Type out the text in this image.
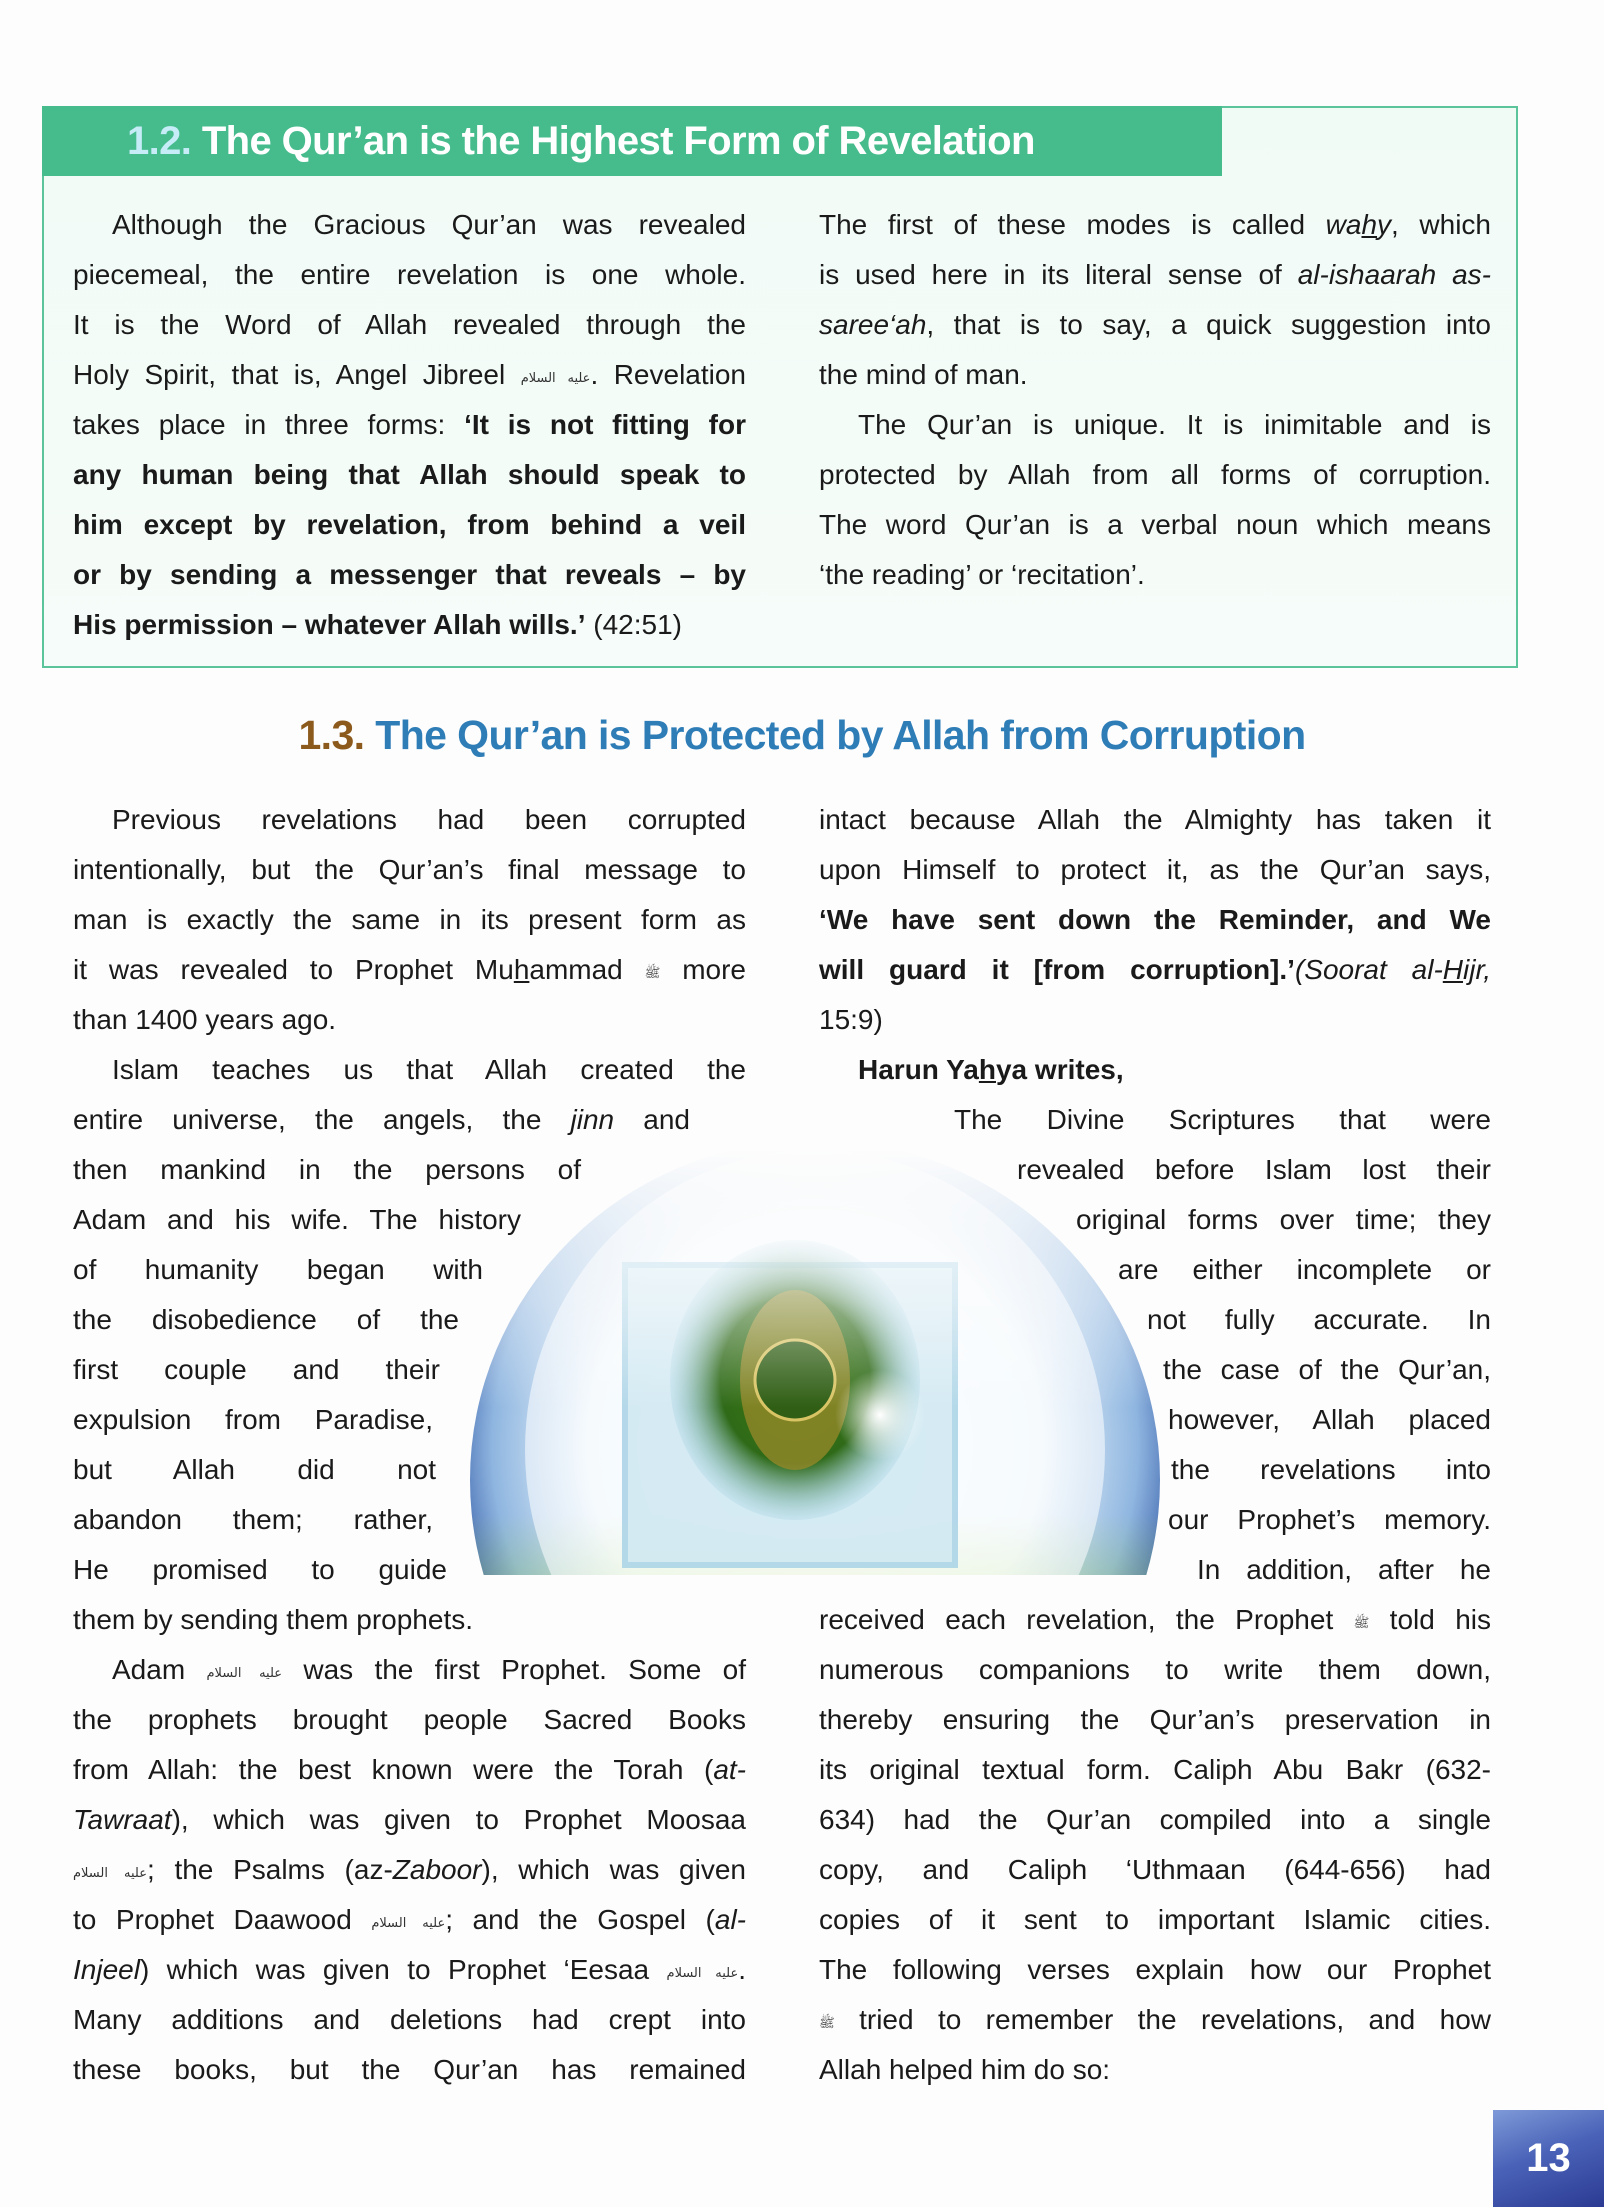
1.2. The Qur’an is the Highest Form of Revelation
1.3. The Qur’an is Protected by Allah from Corruption
Although the Gracious Qur’an was revealed
piecemeal, the entire revelation is one whole.
It is the Word of Allah revealed through the
Holy Spirit, that is, Angel Jibreel عليه السلام. Revelation
takes place in three forms: ‘It is not fitting for
any human being that Allah should speak to
him except by revelation, from behind a veil
or by sending a messenger that reveals – by
His permission – whatever Allah wills.’ (42:51)
The first of these modes is called wahy, which
is used here in its literal sense of al-ishaarah as-
saree‘ah, that is to say, a quick suggestion into
the mind of man.
The Qur’an is unique. It is inimitable and is
protected by Allah from all forms of corruption.
The word Qur’an is a verbal noun which means
‘the reading’ or ‘recitation’.
Previous revelations had been corrupted
intentionally, but the Qur’an’s final message to
man is exactly the same in its present form as
it was revealed to Prophet Muhammad ﷺ more
than 1400 years ago.
Islam teaches us that Allah created the
entire universe, the angels, the jinn and
then mankind in the persons of
Adam and his wife. The history
of humanity began with
the disobedience of the
first couple and their
expulsion from Paradise,
but Allah did not
abandon them; rather,
He promised to guide
them by sending them prophets.
Adam عليه السلام was the first Prophet. Some of
the prophets brought people Sacred Books
from Allah: the best known were the Torah (at-
Tawraat), which was given to Prophet Moosaa
عليه السلام; the Psalms (az-Zaboor), which was given
to Prophet Daawood عليه السلام; and the Gospel (al-
Injeel) which was given to Prophet ‘Eesaa عليه السلام.
Many additions and deletions had crept into
these books, but the Qur’an has remained
intact because Allah the Almighty has taken it
upon Himself to protect it, as the Qur’an says,
‘We have sent down the Reminder, and We
will guard it [from corruption].’(Soorat al-Hijr,
15:9)
Harun Yahya writes,
The Divine Scriptures that were
revealed before Islam lost their
original forms over time; they
are either incomplete or
not fully accurate. In
the case of the Qur’an,
however, Allah placed
the revelations into
our Prophet’s memory.
In addition, after he
received each revelation, the Prophet ﷺ told his
numerous companions to write them down,
thereby ensuring the Qur’an’s preservation in
its original textual form. Caliph Abu Bakr (632-
634) had the Qur’an compiled into a single
copy, and Caliph ‘Uthmaan (644-656) had
copies of it sent to important Islamic cities.
The following verses explain how our Prophet
ﷺ tried to remember the revelations, and how
Allah helped him do so:
13
